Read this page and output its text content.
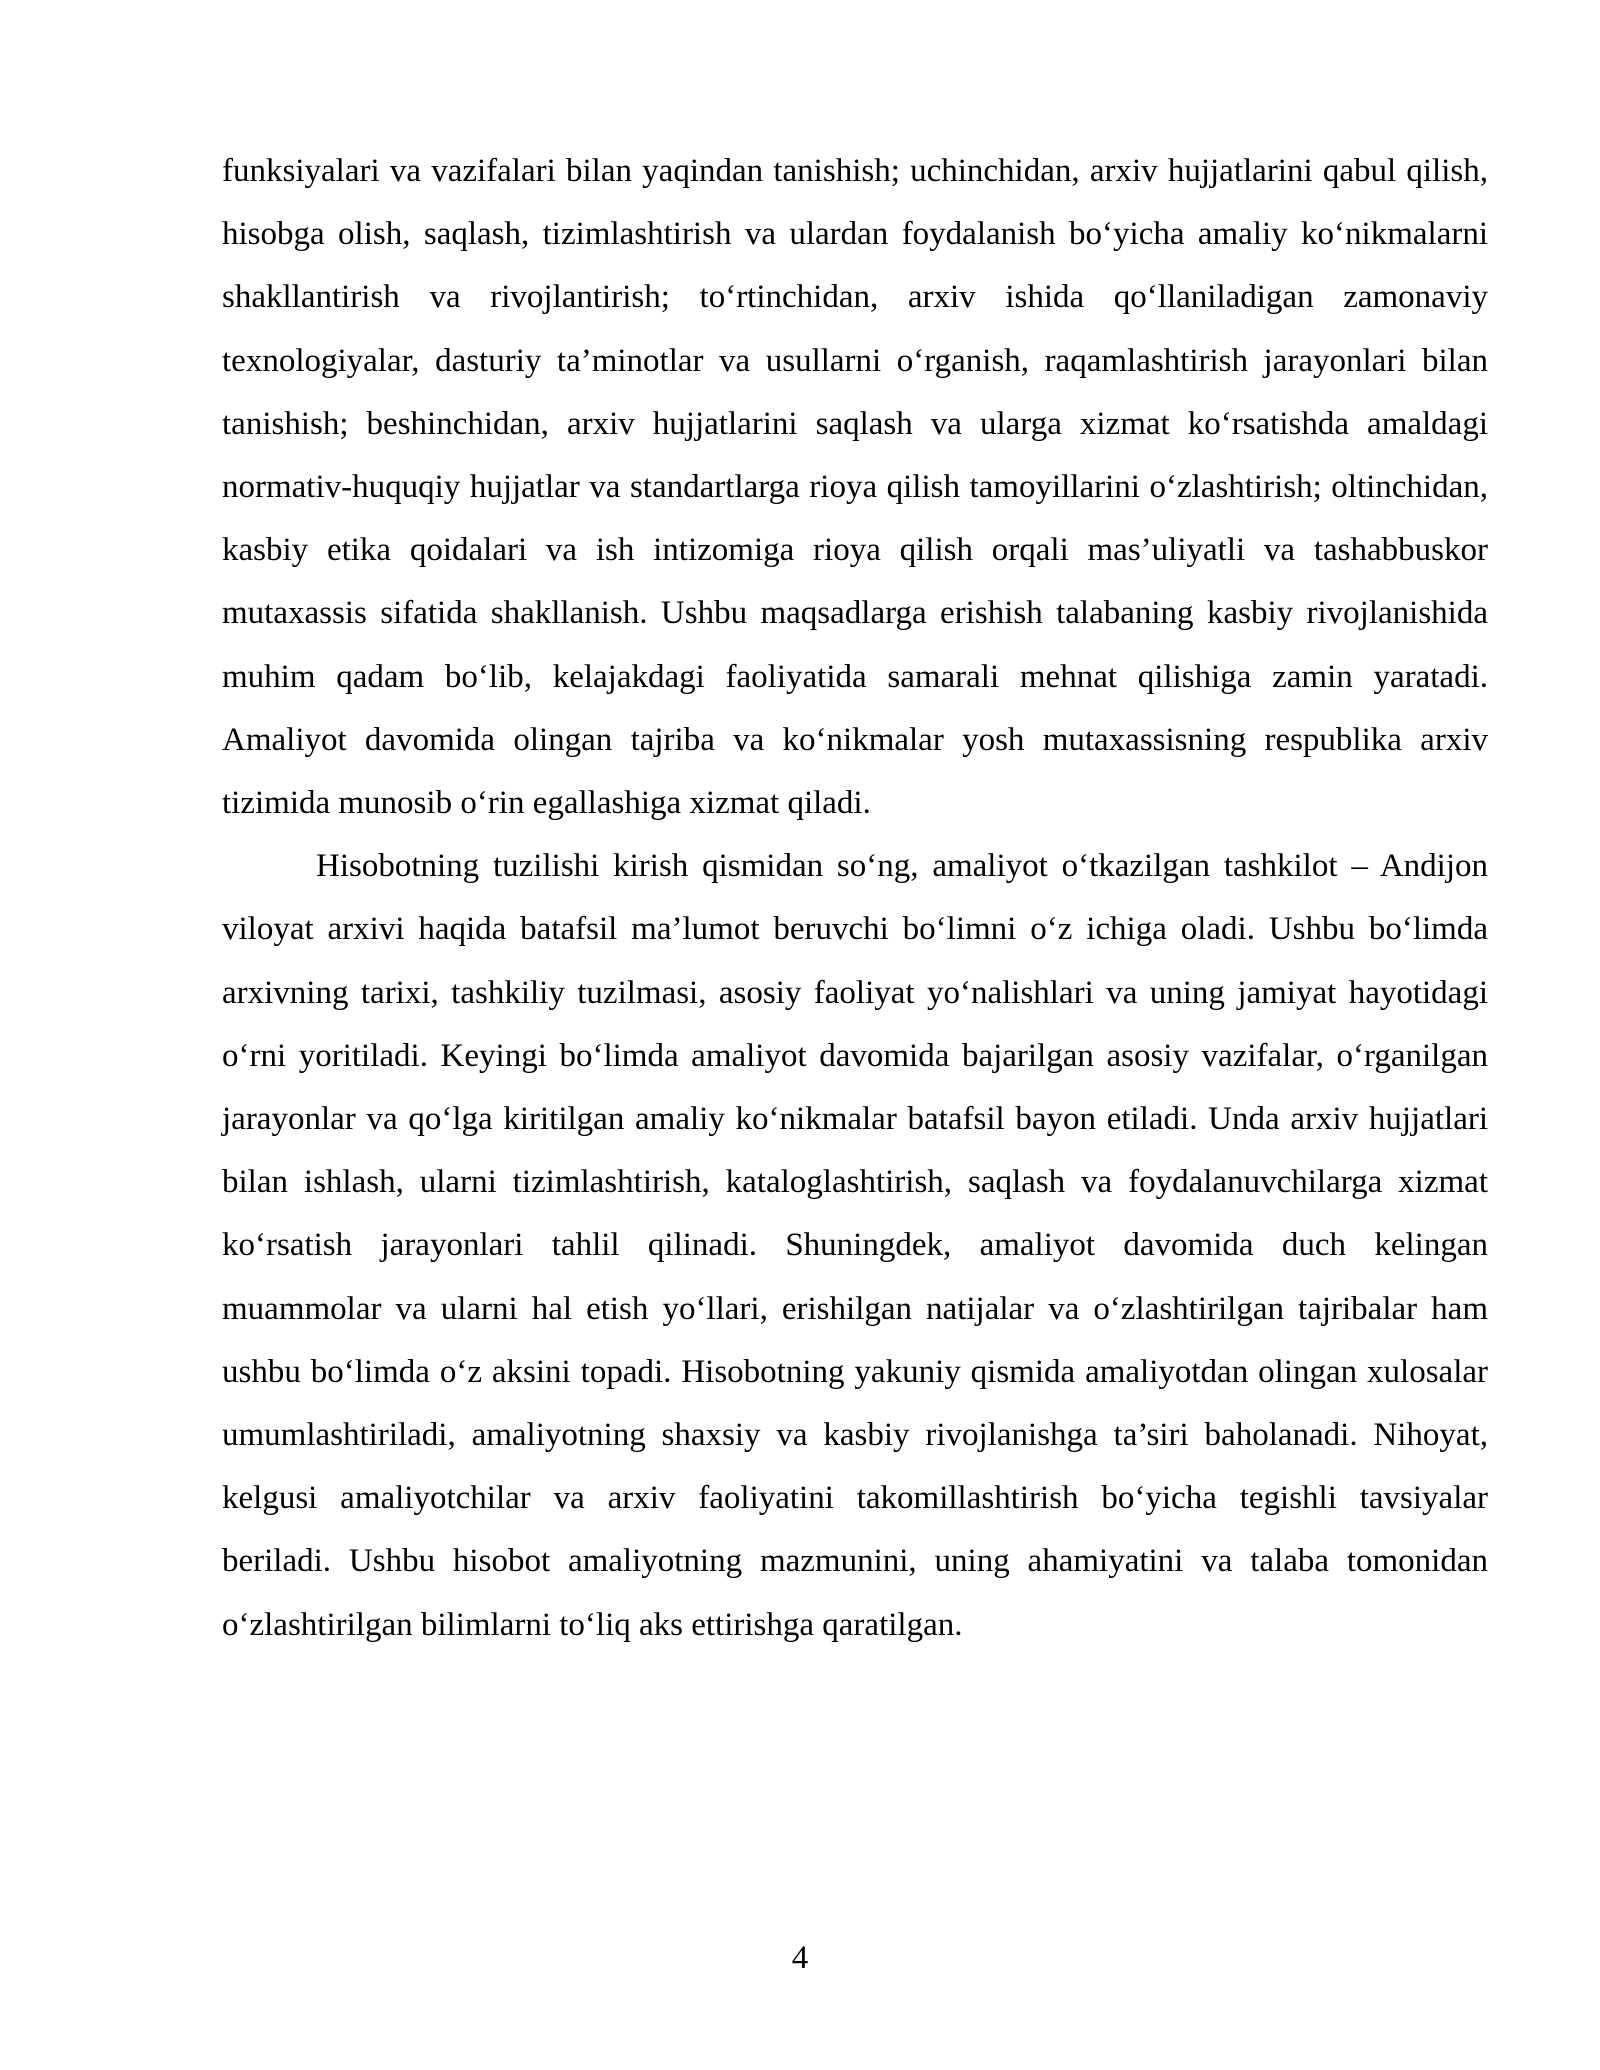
funksiyalari va vazifalari bilan yaqindan tanishish; uchinchidan, arxiv hujjatlarini qabul qilish, hisobga olish, saqlash, tizimlashtirish va ulardan foydalanish bo‘yicha amaliy ko‘nikmalarni shakllantirish va rivojlantirish; to‘rtinchidan, arxiv ishida qo‘llaniladigan zamonaviy texnologiyalar, dasturiy ta’minotlar va usullarni o‘rganish, raqamlashtirish jarayonlari bilan tanishish; beshinchidan, arxiv hujjatlarini saqlash va ularga xizmat ko‘rsatishda amaldagi normativ-huquqiy hujjatlar va standartlarga rioya qilish tamoyillarini o‘zlashtirish; oltinchidan, kasbiy etika qoidalari va ish intizomiga rioya qilish orqali mas’uliyatli va tashabbuskor mutaxassis sifatida shakllanish. Ushbu maqsadlarga erishish talabaning kasbiy rivojlanishida muhim qadam bo‘lib, kelajakdagi faoliyatida samarali mehnat qilishiga zamin yaratadi. Amaliyot davomida olingan tajriba va ko‘nikmalar yosh mutaxassisning respublika arxiv tizimida munosib o‘rin egallashiga xizmat qiladi.

Hisobotning tuzilishi kirish qismidan so‘ng, amaliyot o‘tkazilgan tashkilot – Andijon viloyat arxivi haqida batafsil ma’lumot beruvchi bo‘limni o‘z ichiga oladi. Ushbu bo‘limda arxivning tarixi, tashkiliy tuzilmasi, asosiy faoliyat yo‘nalishlari va uning jamiyat hayotidagi o‘rni yoritiladi. Keyingi bo‘limda amaliyot davomida bajarilgan asosiy vazifalar, o‘rganilgan jarayonlar va qo‘lga kiritilgan amaliy ko‘nikmalar batafsil bayon etiladi. Unda arxiv hujjatlari bilan ishlash, ularni tizimlashtirish, kataloglashtirish, saqlash va foydalanuvchilarga xizmat ko‘rsatish jarayonlari tahlil qilinadi. Shuningdek, amaliyot davomida duch kelingan muammolar va ularni hal etish yo‘llari, erishilgan natijalar va o‘zlashtirilgan tajribalar ham ushbu bo‘limda o‘z aksini topadi. Hisobotning yakuniy qismida amaliyotdan olingan xulosalar umumlashtiriladi, amaliyotning shaxsiy va kasbiy rivojlanishga ta’siri baholanadi. Nihoyat, kelgusi amaliyotchilar va arxiv faoliyatini takomillashtirish bo‘yicha tegishli tavsiyalar beriladi. Ushbu hisobot amaliyotning mazmunini, uning ahamiyatini va talaba tomonidan o‘zlashtirilgan bilimlarni to‘liq aks ettirishga qaratilgan.

4
